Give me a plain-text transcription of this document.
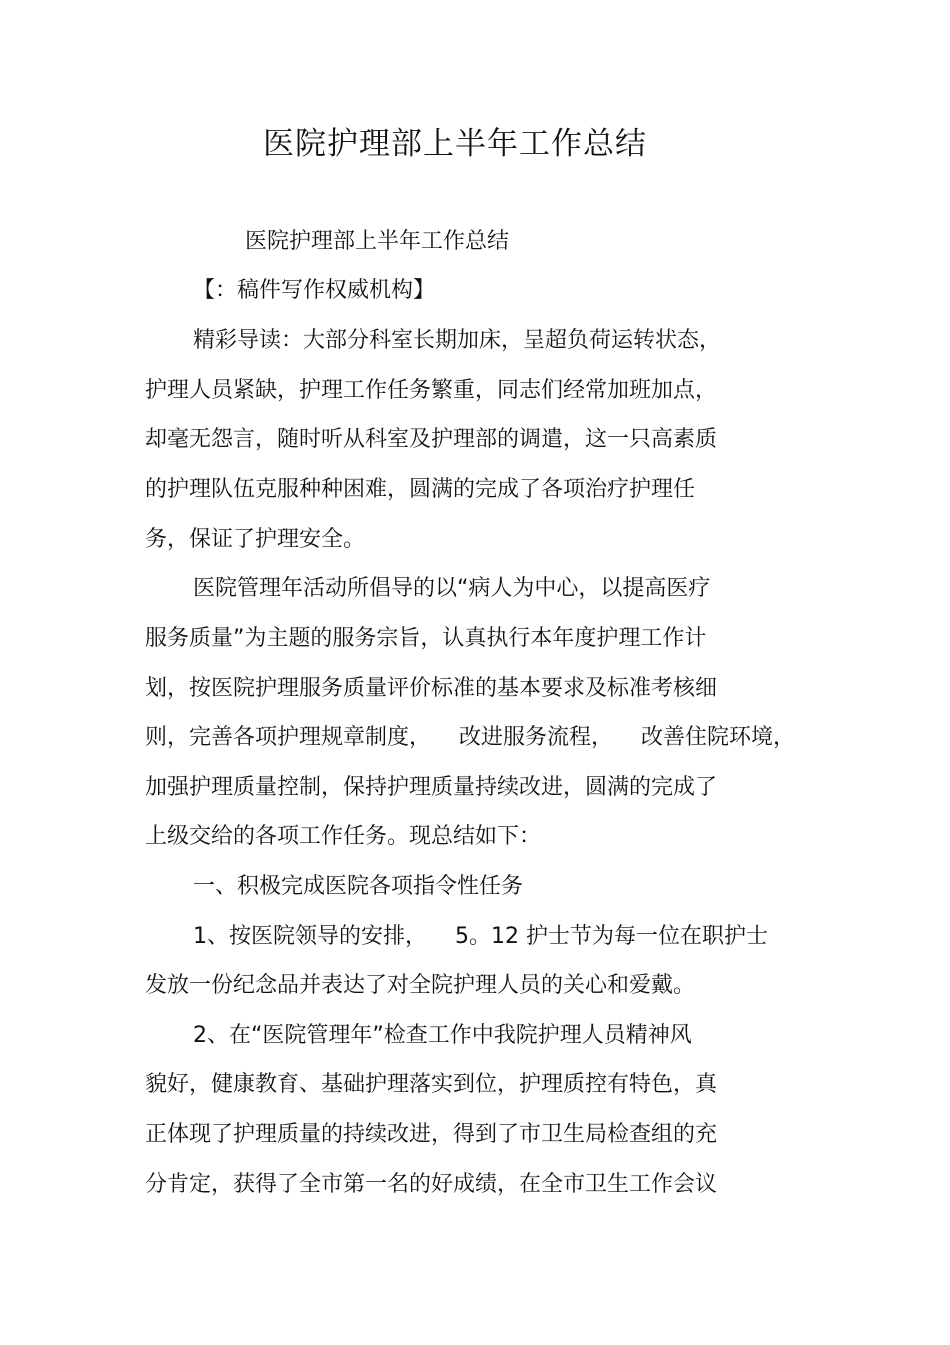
医院护理部上半年工作总结
医院护理部上半年工作总结
【：稿件写作权威机构】
精彩导读：大部分科室长期加床，呈超负荷运转状态，
护理人员紧缺，护理工作任务繁重，同志们经常加班加点，
却毫无怨言，随时听从科室及护理部的调遣，这一只高素质
的护理队伍克服种种困难，圆满的完成了各项治疗护理任
务，保证了护理安全。
医院管理年活动所倡导的以“病人为中心，以提高医疗
服务质量”为主题的服务宗旨，认真执行本年度护理工作计
划，按医院护理服务质量评价标准的基本要求及标准考核细
则，完善各项护理规章制度， 改进服务流程， 改善住院环境，
加强护理质量控制，保持护理质量持续改进，圆满的完成了
上级交给的各项工作任务。现总结如下：
一、积极完成医院各项指令性任务
1、按医院领导的安排， 5。12 护士节为每一位在职护士
发放一份纪念品并表达了对全院护理人员的关心和爱戴。
2、在“医院管理年”检查工作中我院护理人员精神风
貌好，健康教育、基础护理落实到位，护理质控有特色，真
正体现了护理质量的持续改进，得到了市卫生局检查组的充
分肯定，获得了全市第一名的好成绩，在全市卫生工作会议
